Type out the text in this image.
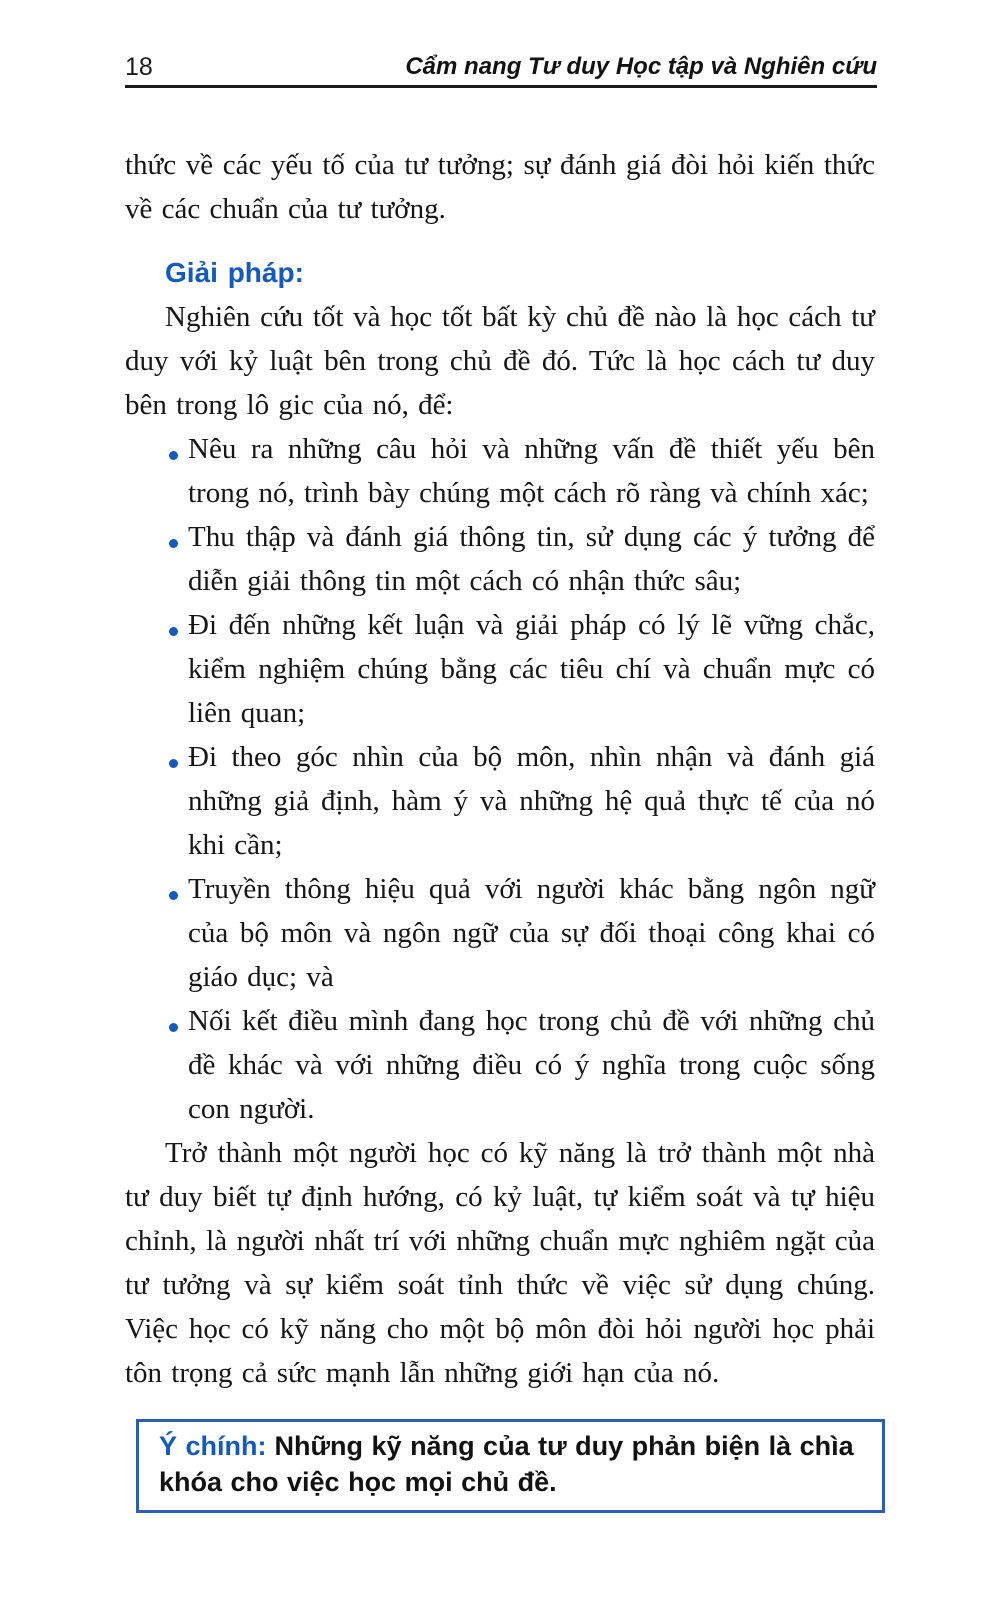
18	Cẩm nang Tư duy Học tập và Nghiên cứu

thức về các yếu tố của tư tưởng; sự đánh giá đòi hỏi kiến thức về các chuẩn của tư tưởng.

Giải pháp:

Nghiên cứu tốt và học tốt bất kỳ chủ đề nào là học cách tư duy với kỷ luật bên trong chủ đề đó. Tức là học cách tư duy bên trong lô gic của nó, để:

Nêu ra những câu hỏi và những vấn đề thiết yếu bên trong nó, trình bày chúng một cách rõ ràng và chính xác;
Thu thập và đánh giá thông tin, sử dụng các ý tưởng để diễn giải thông tin một cách có nhận thức sâu;
Đi đến những kết luận và giải pháp có lý lẽ vững chắc, kiểm nghiệm chúng bằng các tiêu chí và chuẩn mực có liên quan;
Đi theo góc nhìn của bộ môn, nhìn nhận và đánh giá những giả định, hàm ý và những hệ quả thực tế của nó khi cần;
Truyền thông hiệu quả với người khác bằng ngôn ngữ của bộ môn và ngôn ngữ của sự đối thoại công khai có giáo dục; và
Nối kết điều mình đang học trong chủ đề với những chủ đề khác và với những điều có ý nghĩa trong cuộc sống con người.

Trở thành một người học có kỹ năng là trở thành một nhà tư duy biết tự định hướng, có kỷ luật, tự kiểm soát và tự hiệu chỉnh, là người nhất trí với những chuẩn mực nghiêm ngặt của tư tưởng và sự kiểm soát tỉnh thức về việc sử dụng chúng. Việc học có kỹ năng cho một bộ môn đòi hỏi người học phải tôn trọng cả sức mạnh lẫn những giới hạn của nó.

Ý chính: Những kỹ năng của tư duy phản biện là chìa khóa cho việc học mọi chủ đề.
